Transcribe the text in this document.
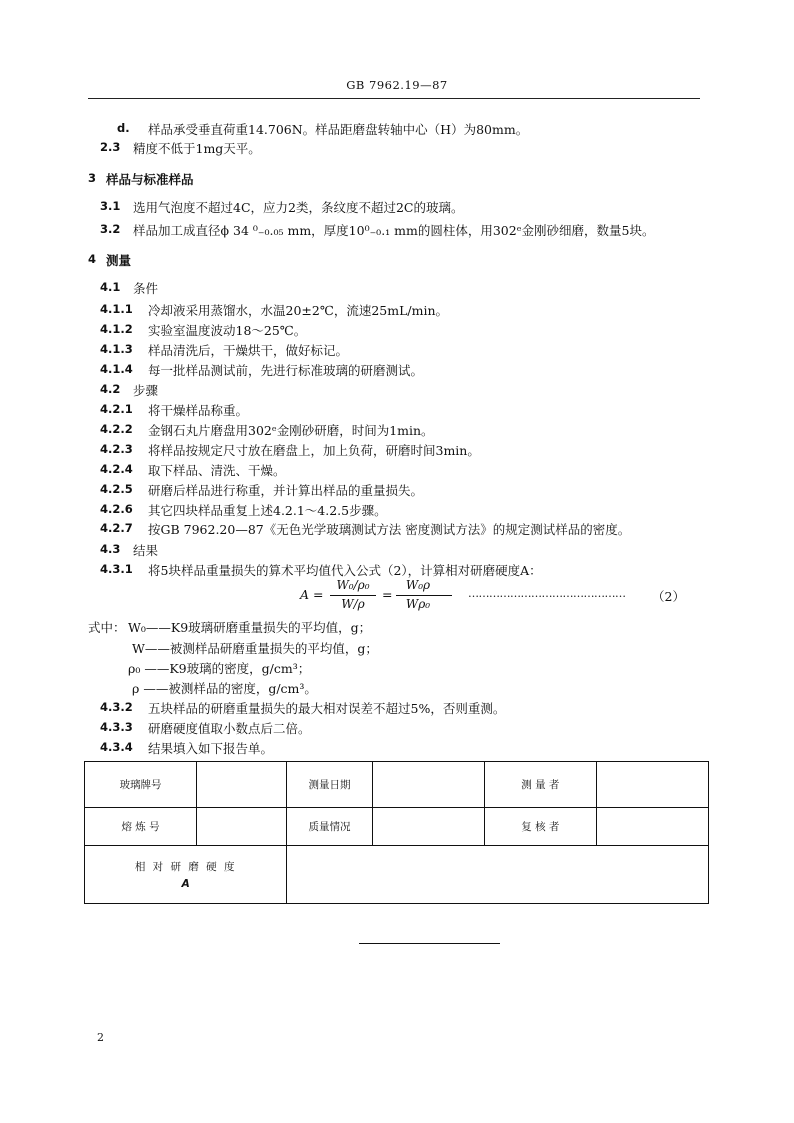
GB 7962.19—87
d. 样品承受垂直荷重14.706N。样品距磨盘转轴中心（H）为80mm。
2.3 精度不低于1mg天平。
3 样品与标准样品
3.1 选用气泡度不超过4C，应力2类，条纹度不超过2C的玻璃。
3.2 样品加工成直径ϕ 34 ⁰₋₀.₀₅ mm，厚度10⁰₋₀.₁ mm的圆柱体，用302ᵉ金刚砂细磨，数量5块。
4 测量
4.1 条件
4.1.1 冷却液采用蒸馏水，水温20±2℃，流速25mL/min。
4.1.2 实验室温度波动18～25℃。
4.1.3 样品清洗后，干燥烘干，做好标记。
4.1.4 每一批样品测试前，先进行标准玻璃的研磨测试。
4.2 步骤
4.2.1 将干燥样品称重。
4.2.2 金钢石丸片磨盘用302ᵉ金刚砂研磨，时间为1min。
4.2.3 将样品按规定尺寸放在磨盘上，加上负荷，研磨时间3min。
4.2.4 取下样品、清洗、干燥。
4.2.5 研磨后样品进行称重，并计算出样品的重量损失。
4.2.6 其它四块样品重复上述4.2.1～4.2.5步骤。
4.2.7 按GB 7962.20—87《无色光学玻璃测试方法 密度测试方法》的规定测试样品的密度。
4.3 结果
4.3.1 将5块样品重量损失的算术平均值代入公式（2），计算相对研磨硬度A：
A =
W₀/ρ₀
W/ρ
=
W₀ρ
Wρ₀
……………………………………… （2）
式中： W₀——K9玻璃研磨重量损失的平均值，g；
W——被测样品研磨重量损失的平均值，g；
ρ₀ ——K9玻璃的密度，g/cm³；
ρ ——被测样品的密度，g/cm³。
4.3.2 五块样品的研磨重量损失的最大相对误差不超过5%，否则重测。
4.3.3 研磨硬度值取小数点后二倍。
4.3.4 结果填入如下报告单。
玻璃牌号		测量日期		测 量 者	
熔 炼 号		质量情况		复 核 者	

相 对 研 磨 硬 度
A					

2
